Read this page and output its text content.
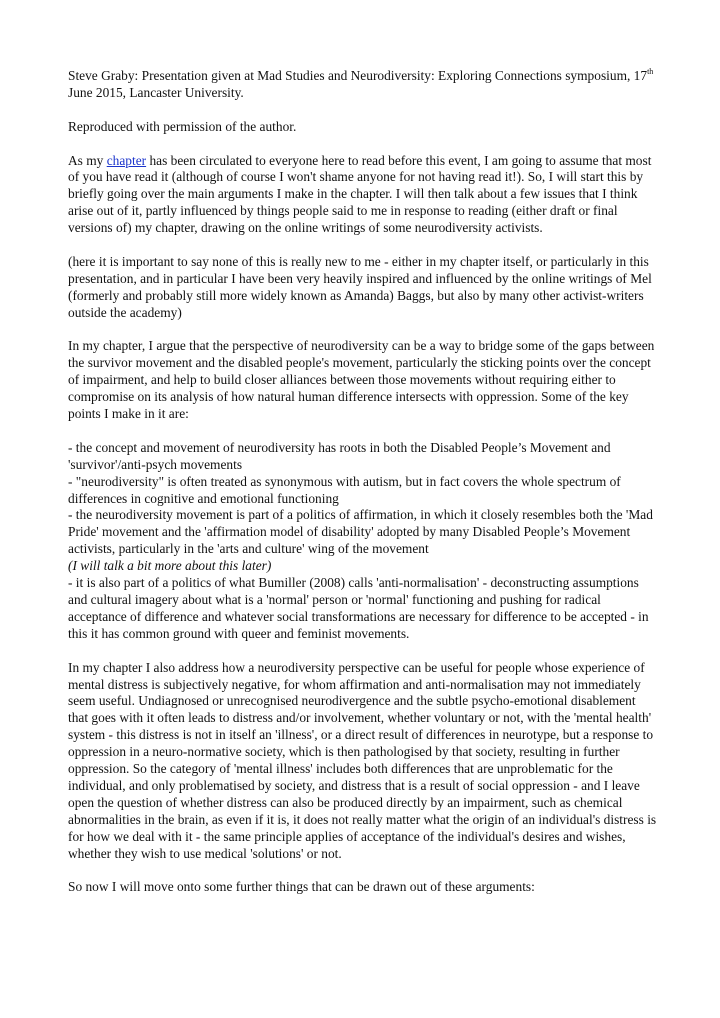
Steve Graby: Presentation given at Mad Studies and Neurodiversity: Exploring Connections symposium, 17th June 2015, Lancaster University.

Reproduced with permission of the author.

As my chapter has been circulated to everyone here to read before this event, I am going to assume that most of you have read it (although of course I won't shame anyone for not having read it!). So, I will start this by briefly going over the main arguments I make in the chapter. I will then talk about a few issues that I think arise out of it, partly influenced by things people said to me in response to reading (either draft or final versions of) my chapter, drawing on the online writings of some neurodiversity activists.

(here it is important to say none of this is really new to me - either in my chapter itself, or particularly in this presentation, and in particular I have been very heavily inspired and influenced by the online writings of Mel (formerly and probably still more widely known as Amanda) Baggs, but also by many other activist-writers outside the academy)

In my chapter, I argue that the perspective of neurodiversity can be a way to bridge some of the gaps between the survivor movement and the disabled people's movement, particularly the sticking points over the concept of impairment, and help to build closer alliances between those movements without requiring either to compromise on its analysis of how natural human difference intersects with oppression. Some of the key points I make in it are:

- the concept and movement of neurodiversity has roots in both the Disabled People’s Movement and 'survivor'/anti-psych movements

- "neurodiversity" is often treated as synonymous with autism, but in fact covers the whole spectrum of differences in cognitive and emotional functioning

- the neurodiversity movement is part of a politics of affirmation, in which it closely resembles both the 'Mad Pride' movement and the 'affirmation model of disability' adopted by many Disabled People’s Movement activists, particularly in the 'arts and culture' wing of the movement

(I will talk a bit more about this later)

- it is also part of a politics of what Bumiller (2008) calls 'anti-normalisation' - deconstructing assumptions and cultural imagery about what is a 'normal' person or 'normal' functioning and pushing for radical acceptance of difference and whatever social transformations are necessary for difference to be accepted - in this it has common ground with queer and feminist movements.

In my chapter I also address how a neurodiversity perspective can be useful for people whose experience of mental distress is subjectively negative, for whom affirmation and anti-normalisation may not immediately seem useful. Undiagnosed or unrecognised neurodivergence and the subtle psycho-emotional disablement that goes with it often leads to distress and/or involvement, whether voluntary or not, with the 'mental health' system - this distress is not in itself an 'illness', or a direct result of differences in neurotype, but a response to oppression in a neuro-normative society, which is then pathologised by that society, resulting in further oppression. So the category of 'mental illness' includes both differences that are unproblematic for the individual, and only problematised by society, and distress that is a result of social oppression - and I leave open the question of whether distress can also be produced directly by an impairment, such as chemical abnormalities in the brain, as even if it is, it does not really matter what the origin of an individual's distress is for how we deal with it - the same principle applies of acceptance of the individual's desires and wishes, whether they wish to use medical 'solutions' or not.

So now I will move onto some further things that can be drawn out of these arguments:
